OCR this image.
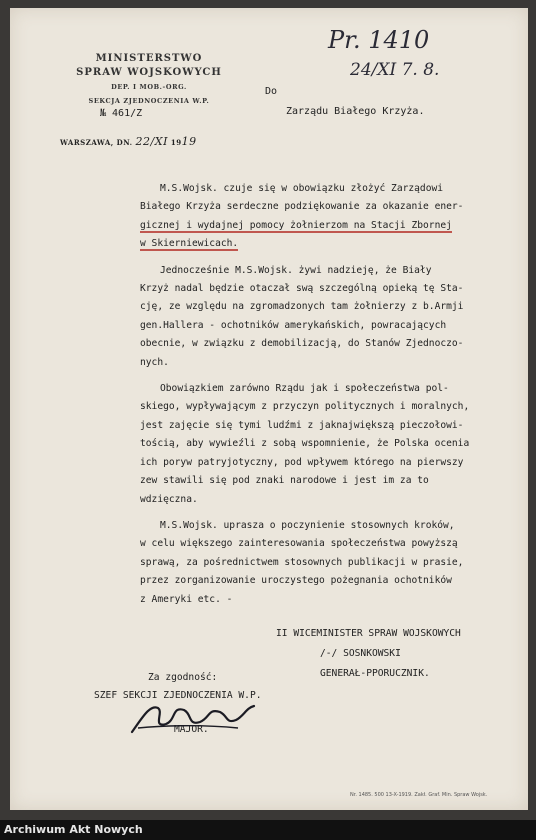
MINISTERSTWO
SPRAW WOJSKOWYCH
DEP. I MOB.-ORG.
SEKCJA ZJEDNOCZENIA W.P.
№ 461/Z
WARSZAWA, DN. 22/XI 1919
Pr. 1410
24/XI 7. 8.
Do
Zarządu Białego Krzyża.
M.S.Wojsk. czuje się w obowiązku złożyć Zarządowi
Białego Krzyża serdeczne podziękowanie za okazanie ener-
gicznej i wydajnej pomocy żołnierzom na Stacji Zbornej
w Skierniewicach.
Jednocześnie M.S.Wojsk. żywi nadzieję, że Biały
Krzyż nadal będzie otaczał swą szczególną opieką tę Sta-
cję, ze względu na zgromadzonych tam żołnierzy z b.Armji
gen.Hallera - ochotników amerykańskich, powracających
obecnie, w związku z demobilizacją, do Stanów Zjednoczo-
nych.
Obowiązkiem zarówno Rządu jak i społeczeństwa pol-
skiego, wypływającym z przyczyn politycznych i moralnych,
jest zajęcie się tymi ludźmi z jaknajwiększą pieczołowi-
tością, aby wywieźli z sobą wspomnienie, że Polska ocenia
ich poryw patryjotyczny, pod wpływem którego na pierwszy
zew stawili się pod znaki narodowe i jest im za to
wdzięczna.
M.S.Wojsk. uprasza o poczynienie stosownych kroków,
w celu większego zainteresowania społeczeństwa powyższą
sprawą, za pośrednictwem stosownych publikacji w prasie,
przez zorganizowanie uroczystego pożegnania ochotników
z Ameryki etc. -
II WICEMINISTER SPRAW WOJSKOWYCH
/-/ SOSNKOWSKI
GENERAŁ-PPORUCZNIK.
Za zgodność:
SZEF SEKCJI ZJEDNOCZENIA W.P.
MAJOR.
Nr. 1485. 500 13-X-1919. Zakł. Graf. Min. Spraw Wojsk.
Archiwum Akt Nowych
